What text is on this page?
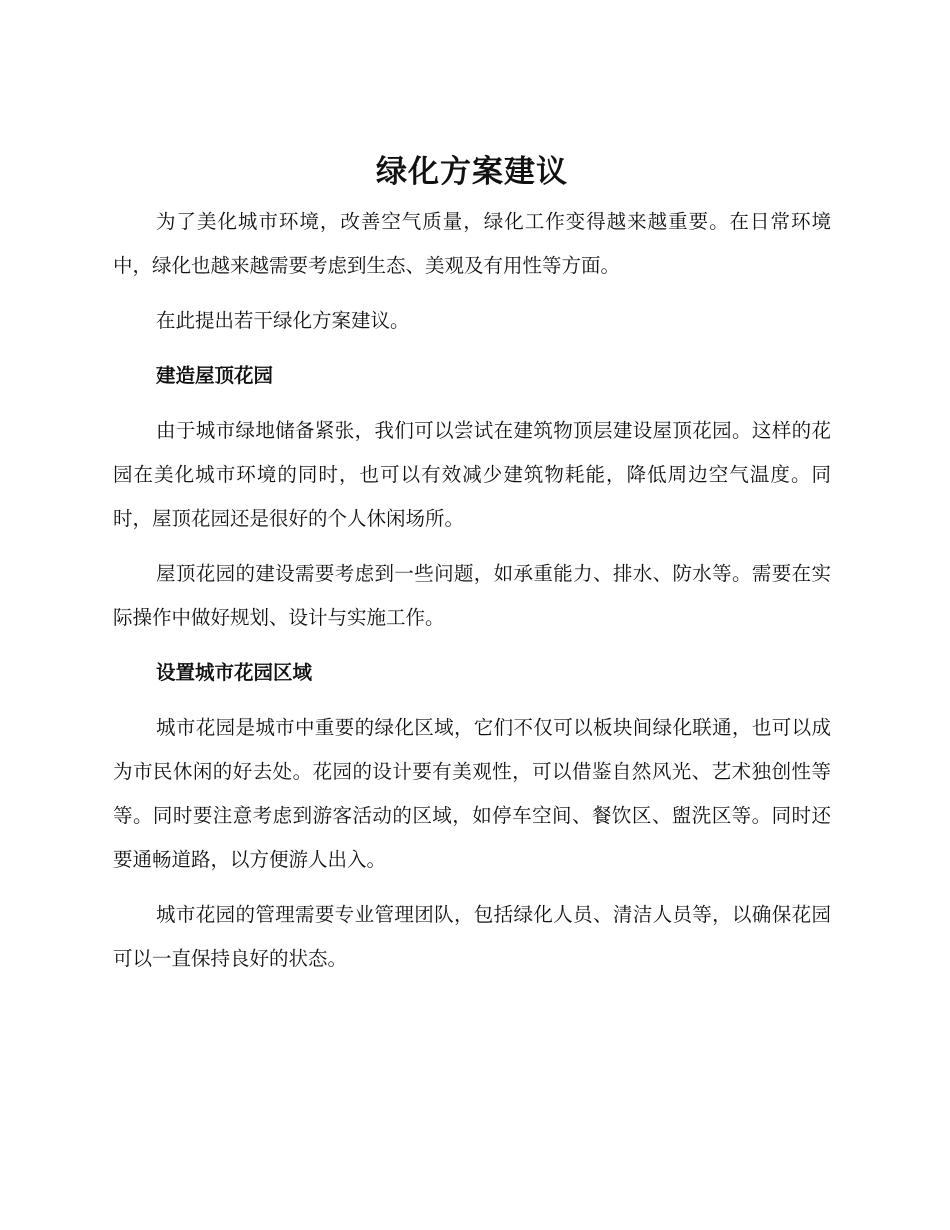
绿化方案建议

为了美化城市环境，改善空气质量，绿化工作变得越来越重要。在日常环境中，绿化也越来越需要考虑到生态、美观及有用性等方面。

在此提出若干绿化方案建议。

建造屋顶花园

由于城市绿地储备紧张，我们可以尝试在建筑物顶层建设屋顶花园。这样的花园在美化城市环境的同时，也可以有效减少建筑物耗能，降低周边空气温度。同时，屋顶花园还是很好的个人休闲场所。

屋顶花园的建设需要考虑到一些问题，如承重能力、排水、防水等。需要在实际操作中做好规划、设计与实施工作。

设置城市花园区域

城市花园是城市中重要的绿化区域，它们不仅可以板块间绿化联通，也可以成为市民休闲的好去处。花园的设计要有美观性，可以借鉴自然风光、艺术独创性等等。同时要注意考虑到游客活动的区域，如停车空间、餐饮区、盥洗区等。同时还要通畅道路，以方便游人出入。

城市花园的管理需要专业管理团队，包括绿化人员、清洁人员等，以确保花园可以一直保持良好的状态。
